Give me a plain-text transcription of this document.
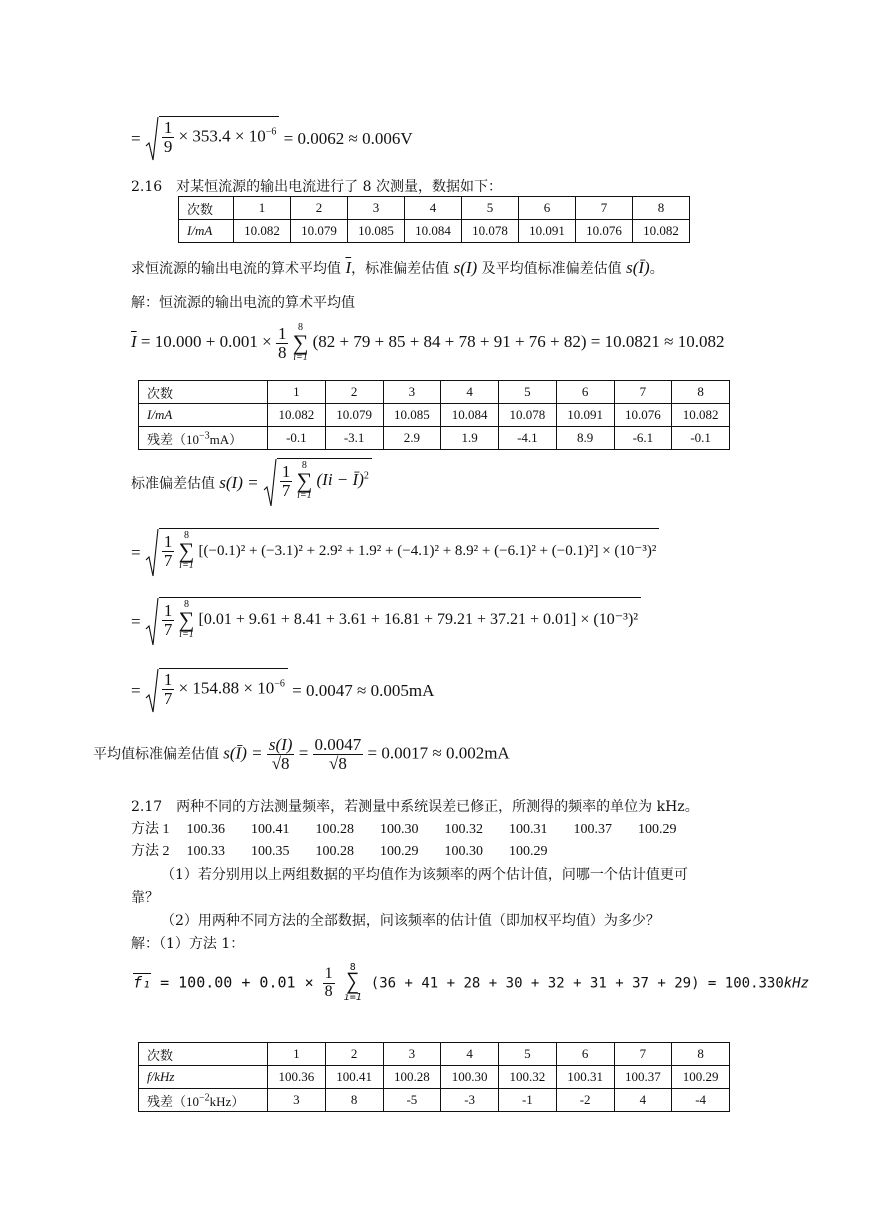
= $\frac{1}{9} \times 353.4 \times 10^{-6} = 0.0062 \approx 0.006V$
2.16　对某恒流源的输出电流进行了 8 次测量，数据如下：
次数	1	2	3	4	5	6	7	8
I/mA	10.082	10.079	10.085	10.084	10.078	10.091	10.076	10.082
求恒流源的输出电流的算术平均值 $\overline{I}$，标准偏差估值 s(I) 及平均值标准偏差估值 s(Ī)。
解：恒流源的输出电流的算术平均值
$\overline{I} = 10.000 + 0.001 \times \frac{1}{8} 8$
∑
i=1 (82 + 79 + 85 + 84 + 78 + 91 + 76 + 82) = 10.0821 ≈ 10.082
次数	1	2	3	4	5	6	7	8
I/mA	10.082	10.079	10.085	10.084	10.078	10.091	10.076	10.082
残差$(10^{-3}mA)$	-0.1	-3.1	2.9	1.9	-4.1	8.9	-6.1	-0.1
标准偏差估值 $s(I) = \frac{1}{7} 8$
∑
i=1 (Ii − Ī)$^2$
= $\frac{1}{7} 8$
∑
i=1 [(−0.1)² + (−3.1)² + 2.9² + 1.9² + (−4.1)² + 8.9² + (−6.1)² + (−0.1)²] × (10⁻³)²
= $\frac{1}{7} 8$
∑
i=1 [0.01 + 9.61 + 8.41 + 3.61 + 16.81 + 79.21 + 37.21 + 0.01] × (10⁻³)²
= $\frac{1}{7} \times 154.88 \times 10^{-6} = 0.0047 \approx 0.005mA$
平均值标准偏差估值 s(Ī) = $\frac{s(I)}{√8} = \frac{0.0047}{√8} = 0.0017 \approx 0.002mA$
2.17　两种不同的方法测量频率，若测量中系统误差已修正，所测得的频率的单位为 kHz。
方法 1 100.36 100.41 100.28 100.30 100.32 100.31 100.37 100.29
方法 2 100.33 100.35 100.28 100.29 100.30 100.29
（1）若分别用以上两组数据的平均值作为该频率的两个估计值，问哪一个估计值更可
靠？
（2）用两种不同方法的全部数据，问该频率的估计值（即加权平均值）为多少？
解：（1）方法 1：
$f_1 = 100.00 + 0.01 \times \frac{1}{8} 8$
∑
i=1 (36 + 41 + 28 + 30 + 32 + 31 + 37 + 29) = 100.330kHz
次数	1	2	3	4	5	6	7	8
f/kHz	100.36	100.41	100.28	100.30	100.32	100.31	100.37	100.29
残差$(10^{-2}kHz)$	3	8	-5	-3	-1	-2	4	-4
